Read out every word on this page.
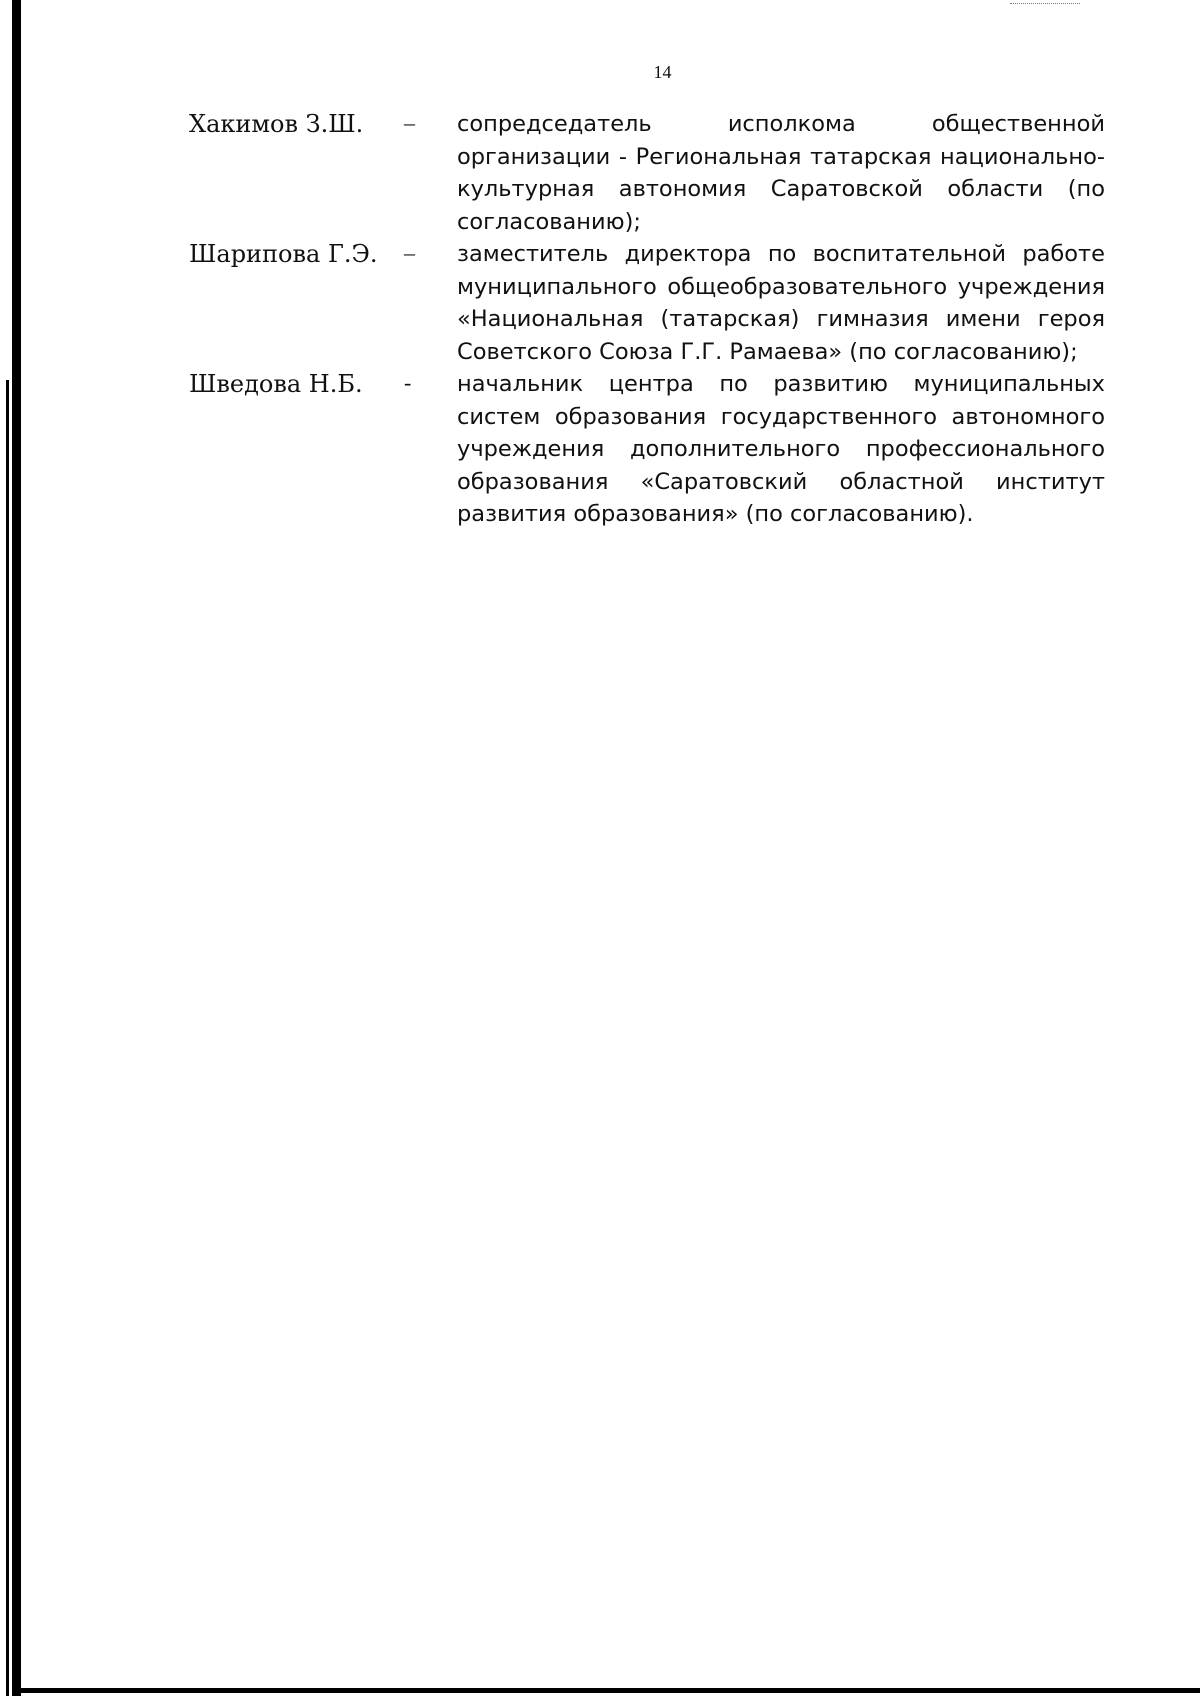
14
Хакимов З.Ш.	–	сопредседатель исполкома общественной организации - Региональная татарская национально-культурная автономия Саратовской области (по согласованию);
Шарипова Г.Э.	–	заместитель директора по воспитательной работе муниципального общеобразовательного учреждения «Национальная (татарская) гимназия имени героя Советского Союза Г.Г. Рамаева» (по согласованию);
Шведова Н.Б.	-	начальник центра по развитию муниципальных систем образования государственного автономного учреждения дополнительного профессионального образования «Саратовский областной институт развития образования» (по согласованию).
